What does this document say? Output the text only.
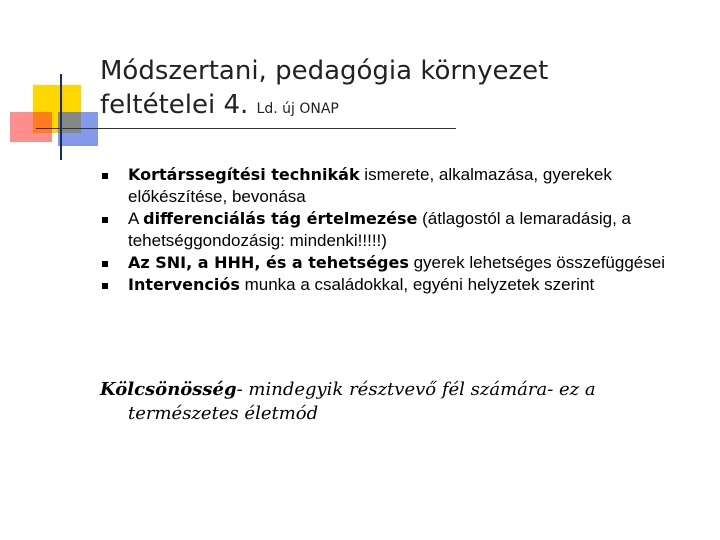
Módszertani, pedagógia környezet
feltételei 4. Ld. új ONAP
Kortárssegítési technikák ismerete, alkalmazása, gyerekek előkészítése, bevonása
A differenciálás tág értelmezése (átlagostól a lemaradásig, a tehetséggondozásig: mindenki!!!!!)
Az SNI, a HHH, és a tehetséges gyerek lehetséges összefüggései
Intervenciós munka a családokkal, egyéni helyzetek szerint
Kölcsönösség- mindegyik résztvevő fél számára- ez a
természetes életmód
